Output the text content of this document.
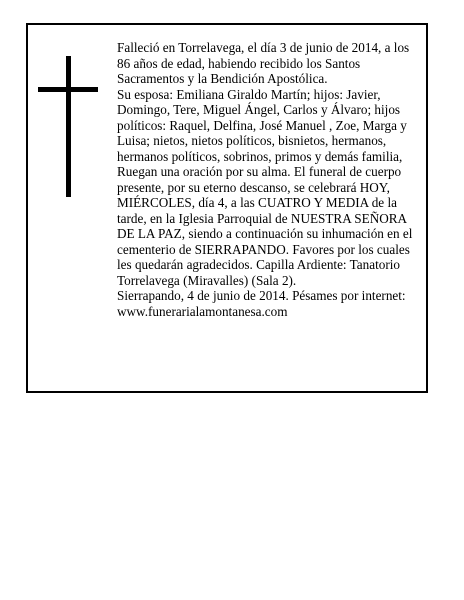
Falleció en Torrelavega, el día 3 de junio de 2014, a los 86 años de edad, habiendo recibido los Santos Sacramentos y la Bendición Apostólica.

Su esposa: Emiliana Giraldo Martín; hijos: Javier, Domingo, Tere, Miguel Ángel, Carlos y Álvaro; hijos políticos: Raquel, Delfina, José Manuel , Zoe, Marga y Luisa; nietos, nietos políticos, bisnietos, hermanos, hermanos políticos, sobrinos, primos y demás familia, Ruegan una oración por su alma. El funeral de cuerpo presente, por su eterno descanso, se celebrará HOY, MIÉRCOLES, día 4, a las CUATRO Y MEDIA de la tarde, en la Iglesia Parroquial de NUESTRA SEÑORA DE LA PAZ, siendo a continuación su inhumación en el cementerio de SIERRAPANDO. Favores por los cuales les quedarán agradecidos. Capilla Ardiente: Tanatorio Torrelavega (Miravalles) (Sala 2).

Sierrapando, 4 de junio de 2014. Pésames por internet: www.funerarialamontanesa.com
